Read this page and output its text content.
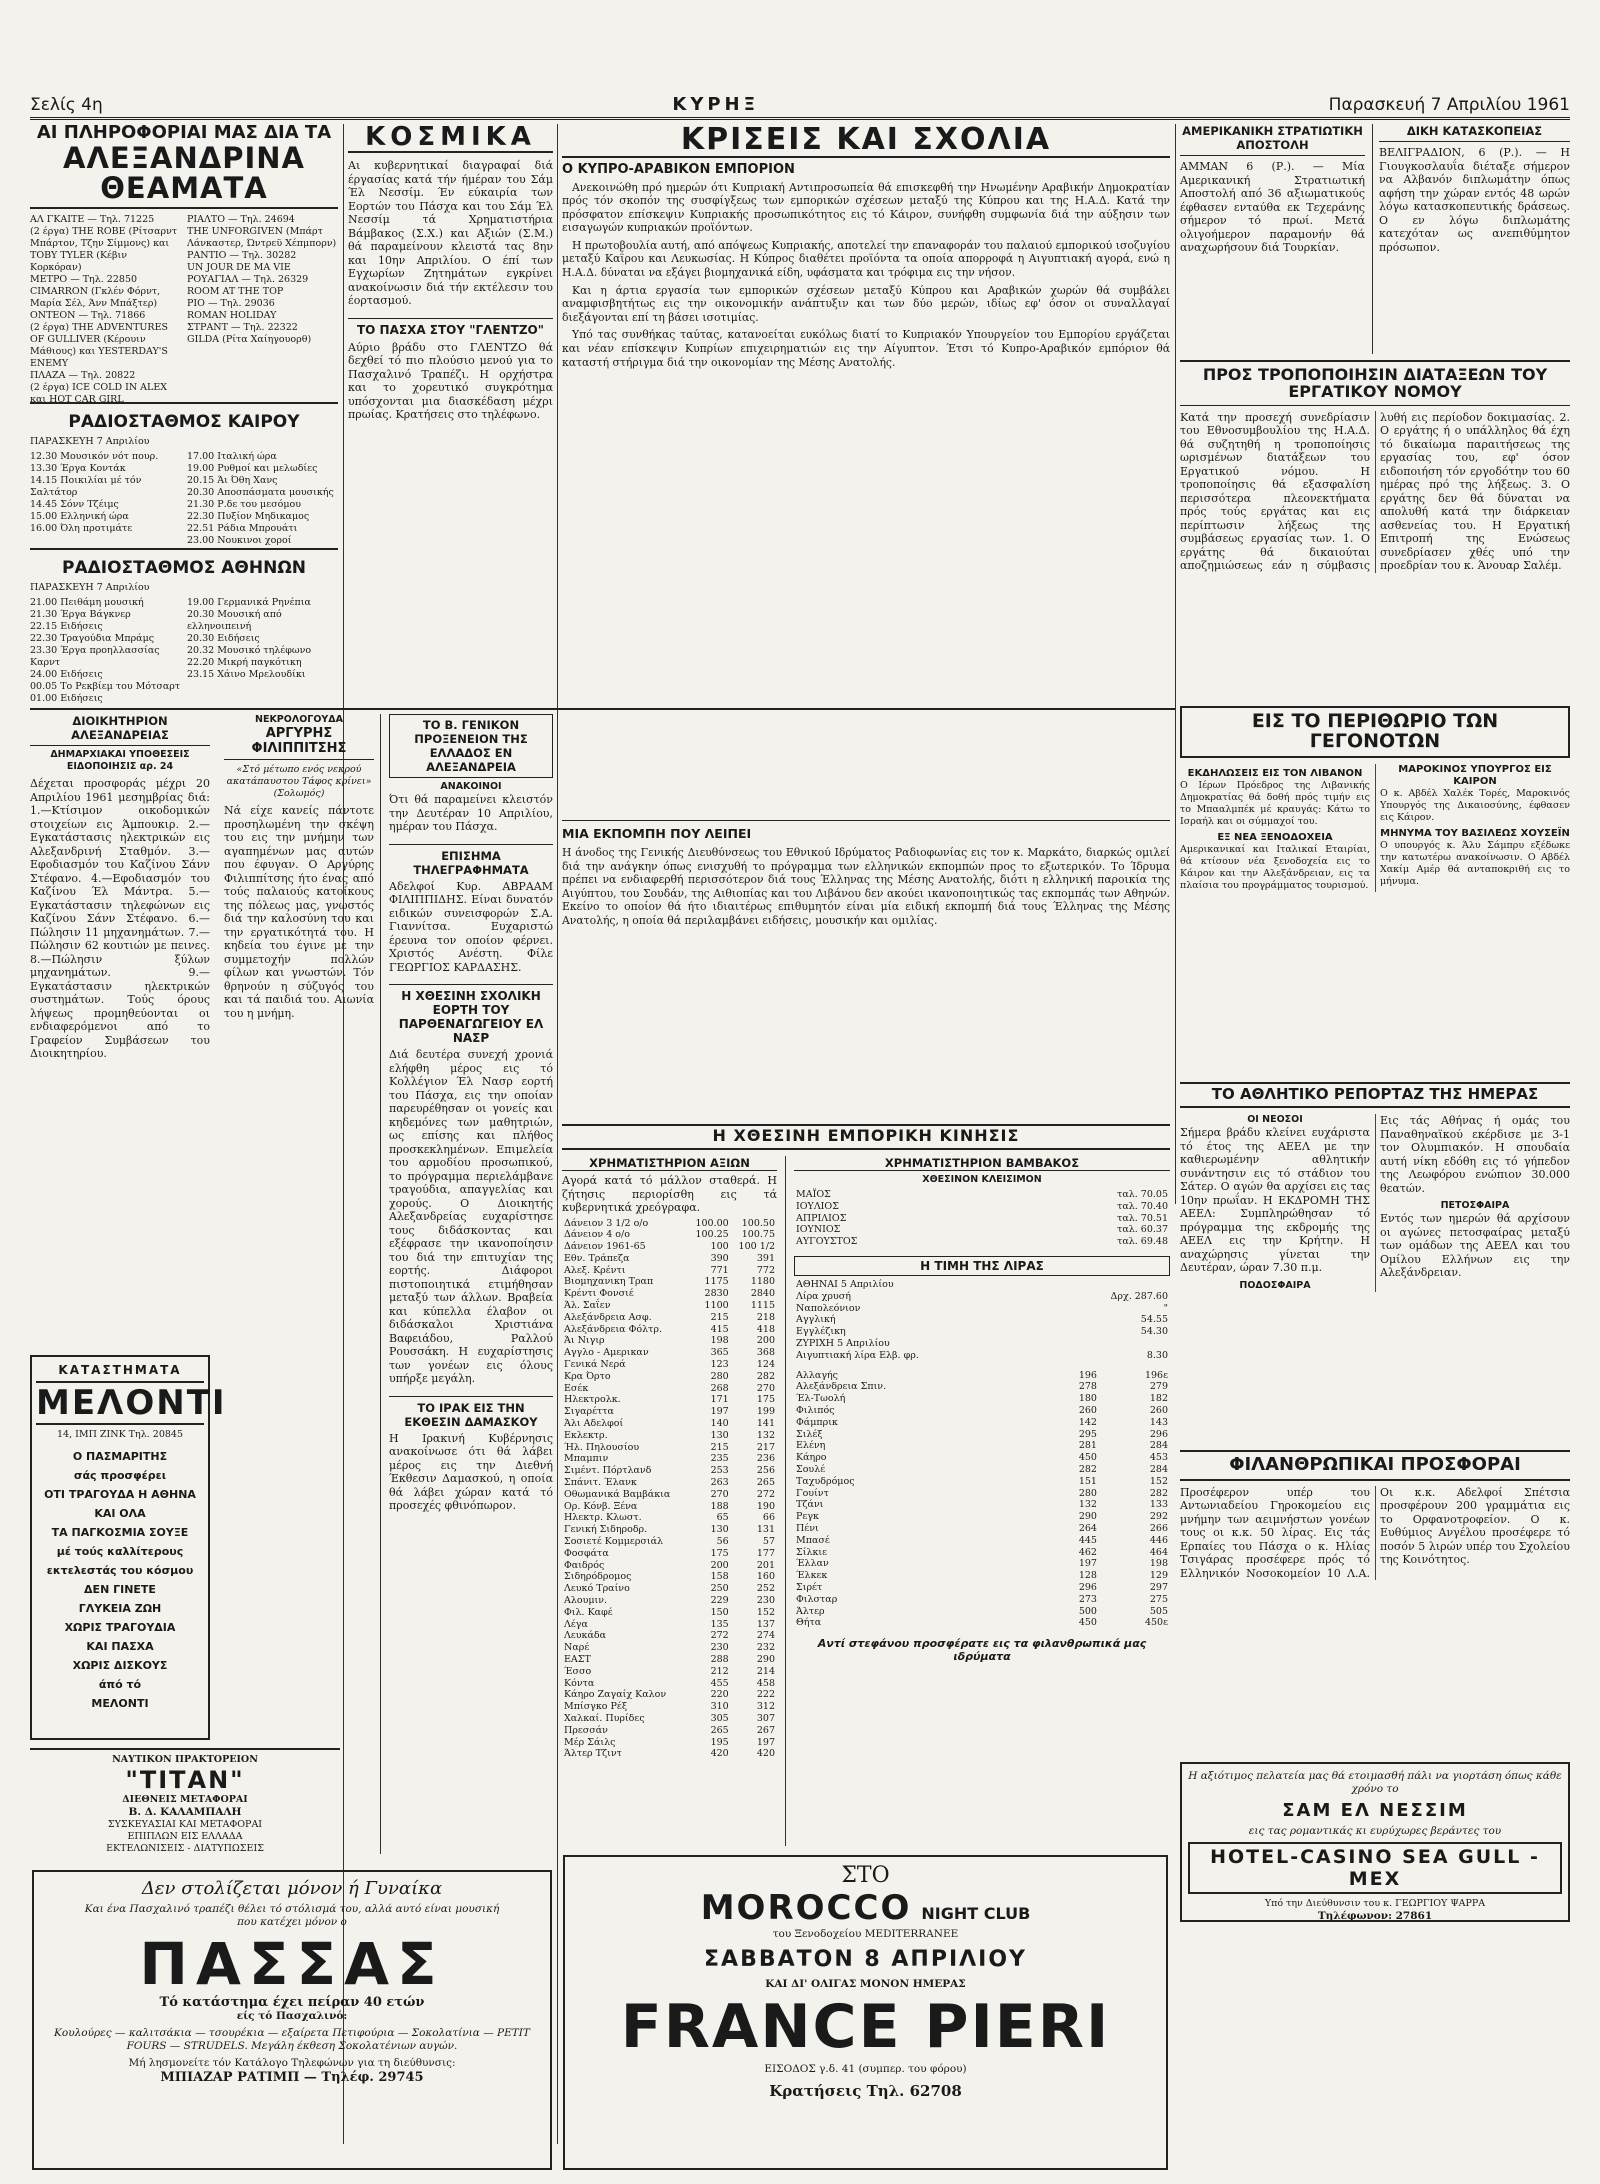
Σελίς 4η	ΚΥΡΗΞ	Παρασκευή 7 Απριλίου 1961
ΑΙ ΠΛΗΡΟΦΟΡΙΑΙ ΜΑΣ ΔΙΑ ΤΑ
ΑΛΕΞΑΝΔΡΙΝΑ ΘΕΑΜΑΤΑ
ΑΛ ΓΚΑΙΤΕ — Τηλ. 71225
(2 έργα) THE ROBE (Ρίτσαρντ Μπάρτον, Τζην Σίμμονς) και TOBY TYLER (Κέβιν Κορκόραν)
ΜΕΤΡΟ — Τηλ. 22850
CIMARRON (Γκλέν Φόρντ, Μαρία Σέλ, Άνν Μπάξτερ)
ΟΝΤΕΟΝ — Τηλ. 71866
(2 έργα) THE ADVENTURES OF GULLIVER (Κέρουιν Μάθιους) και YESTERDAY'S ENEMY
ΠΛΑΖΑ — Τηλ. 20822
(2 έργα) ICE COLD IN ALEX και HOT CAR GIRL
ΡΙΑΛΤΟ — Τηλ. 24694
THE UNFORGIVEN (Μπάρτ Λάνκαστερ, Ώντρεϋ Χέπμπορν)
ΡΑΝΤΙΟ — Τηλ. 30282
UN JOUR DE MA VIE
ΡΟΥΑΓΙΑΛ — Τηλ. 26329
ROOM AT THE TOP
ΡΙΟ — Τηλ. 29036
ROMAN HOLIDAY
ΣΤΡΑΝΤ — Τηλ. 22322
GILDA (Ρίτα Χαίηγουορθ)
ΡΑΔΙΟΣΤΑΘΜΟΣ ΚΑΙΡΟΥ
ΠΑΡΑΣΚΕΥΗ 7 Απριλίου
12.30 Μουσικόν νότ πουρ.
13.30 Έργα Κοντάκ
14.15 Ποικιλίαι μέ τόν Σαλτάτορ
14.45 Σόνν Τζέιμς
15.00 Ελληνική ώρα
16.00 Όλη προτιμάτε
17.00 Ιταλική ώρα
19.00 Ρυθμοί και μελωδίες
20.15 Άι Όθη Χανς
20.30 Αποσπάσματα μουσικής
21.30 Ρ.δε του μεσόμου
22.30 Πυξίον Μηδικαμος
22.51 Ράδια Μπρουάτι
23.00 Νουκινοι χοροί
ΡΑΔΙΟΣΤΑΘΜΟΣ ΑΘΗΝΩΝ
ΠΑΡΑΣΚΕΥΗ 7 Απριλίου
21.00 Πειθάμη μουσική
21.30 Έργα Βάγκνερ
22.15 Ειδήσεις
22.30 Τραγούδια Μπράμς
23.30 Έργα προηλλασσίας Καρντ
24.00 Ειδήσεις
00.05 Το Ρεκβίεμ του Μότσαρτ
01.00 Ειδήσεις
19.00 Γερμανικά Ρηνέπια
20.30 Μουσική από ελληνοιπεινή
20.30 Ειδήσεις
20.32 Μουσικό τηλέφωνο
22.20 Μικρή παγκότικη
23.15 Χάινο Μρελουδίκι
ΔΙΟΙΚΗΤΗΡΙΟΝ ΑΛΕΞΑΝΔΡΕΙΑΣ
ΔΗΜΑΡΧΙΑΚΑΙ ΥΠΟΘΕΣΕΙΣ
ΕΙΔΟΠΟΙΗΣΙΣ αρ. 24
Δέχεται προσφοράς μέχρι 20 Απριλίου 1961 μεσημβρίας διά: 1.—Κτίσιμον οικοδομικών στοιχείων εις Άμπουκιρ. 2.—Εγκατάστασις ηλεκτρικών εις Αλεξανδρινή Σταθμόν. 3.—Εφοδιασμόν του Καζίνου Σάνν Στέφανο. 4.—Εφοδιασμόν του Καζίνου Έλ Μάντρα. 5.—Εγκατάστασιν τηλεφώνων εις Καζίνου Σάνν Στέφανο. 6.—Πώλησιν 11 μηχανημάτων. 7.—Πώλησιν 62 κουτιών με πεινες. 8.—Πώλησιν ξύλων μηχανημάτων. 9.—Εγκατάστασιν ηλεκτρικών συστημάτων. Τούς όρους λήψεως προμηθεύονται οι ενδιαφερόμενοι από το Γραφείον Συμβάσεων του Διοικητηρίου.
ΚΑΤΑΣΤΗΜΑΤΑ
ΜΕΛΟΝΤΙ
14, ΙΜΠ ΖΙΝΚ Τηλ. 20845
Ο ΠΑΣΜΑΡΙΤΗΣ
σάς προσφέρει
ΟΤΙ ΤΡΑΓΟΥΔΑ Η ΑΘΗΝΑ
ΚΑΙ ΟΛΑ
ΤΑ ΠΑΓΚΟΣΜΙΑ ΣΟΥΞΕ
μέ τούς καλλίτερους
εκτελεστάς του κόσμου
ΔΕΝ ΓΙΝΕΤΕ
ΓΛΥΚΕΙΑ ΖΩΗ
ΧΩΡΙΣ ΤΡΑΓΟΥΔΙΑ
ΚΑΙ ΠΑΣΧΑ
ΧΩΡΙΣ ΔΙΣΚΟΥΣ
άπό τό
ΜΕΛΟΝΤΙ
ΝΑΥΤΙΚΟΝ ΠΡΑΚΤΟΡΕΙΟΝ
"ΤΙΤΑΝ"
ΔΙΕΘΝΕΙΣ ΜΕΤΑΦΟΡΑΙ
Β. Δ. ΚΑΛΑΜΠΑΛΗ
ΣΥΣΚΕΥΑΣΙΑΙ ΚΑΙ ΜΕΤΑΦΟΡΑΙ
ΕΠΙΠΛΩΝ ΕΙΣ ΕΛΛΑΔΑ
ΕΚΤΕΛΩΝΙΣΕΙΣ - ΔΙΑΤΥΠΩΣΕΙΣ
Δεν στολίζεται μόνον ή Γυναίκα
Και ένα Πασχαλινό τραπέζι θέλει τό στόλισμά του, αλλά αυτό είναι μουσική που κατέχει μόνον ο
ΠΑΣΣΑΣ
Τό κατάστημα έχει πείραν 40 ετών
είς τό Πασχαλινό:
Κουλούρες — καλιτσάκια — τσουρέκια — εξαίρετα Πετιφούρια — Σοκολατίνια — PETIT FOURS — STRUDELS. Μεγάλη έκθεση Σοκολατένιων αυγών.
Μή λησμονείτε τόν Κατάλογο Τηλεφώνων για τη διεύθυνσις:
ΜΠΙΑΖΑΡ ΡΑΤΙΜΠ — Τηλέφ. 29745
ΚΟΣΜΙΚΑ
Αι κυβερνητικαί διαγραφαί διά έργασίας κατά τήν ήμέραν του Σάμ Έλ Νεσσίμ. Έν εύκαιρία των Εορτών του Πάσχα και του Σάμ Έλ Νεσσίμ τά Χρηματιστήρια Βάμβακος (Σ.Χ.) και Αξιών (Σ.Μ.) θά παραμείνουν κλειστά τας 8ην και 10ην Απριλίου. Ο έπί των Εγχωρίων Ζητημάτων εγκρίνει ανακοίνωσιν διά τήν εκτέλεσιν του έορτασμού.
ΤΟ ΠΑΣΧΑ ΣΤΟΥ "ΓΛΕΝΤΖΟ"
Αύριο βράδυ στο ΓΛΕΝΤΖΟ θά δεχθεί τό πιο πλούσιο μενού για το Πασχαλινό Τραπέζι. Η ορχήστρα και το χορευτικό συγκρότημα υπόσχονται μια διασκέδαση μέχρι πρωίας. Κρατήσεις στο τηλέφωνο.
ΝΕΚΡΟΛΟΓΟΥΔΑ
ΑΡΓΥΡΗΣ ΦΙΛΙΠΠΙΤΣΗΣ
«Στό μέτωπο ενός νεκρού ακατάπαυστου Τάφος κρίνει» (Σολωμός)
Νά είχε κανείς πάντοτε προσηλωμένη την σκέψη του εις την μνήμην των αγαπημένων μας αυτών που έφυγαν. Ο Αργύρης Φιλιππίτσης ήτο ένας από τούς παλαιούς κατοίκους της πόλεως μας, γνωστός διά την καλοσύνη του και την εργατικότητά του. Η κηδεία του έγινε με την συμμετοχήν πολλών φίλων και γνωστών. Τόν θρηνούν η σύζυγός του και τά παιδιά του. Αιωνία του η μνήμη.
ΤΟ Β. ΓΕΝΙΚΟΝ ΠΡΟΞΕΝΕΙΟΝ ΤΗΣ ΕΛΛΑΔΟΣ ΕΝ ΑΛΕΞΑΝΔΡΕΙΑ
ΑΝΑΚΟΙΝΟΙ
Ότι θά παραμείνει κλειστόν την Δευτέραν 10 Απριλίου, ημέραν του Πάσχα.
ΕΠΙΣΗΜΑ ΤΗΛΕΓΡΑΦΗΜΑΤΑ
Αδελφοί Κυρ. ΑΒΡΑΑΜ ΦΙΛΙΠΠΙΔΗΣ. Είναι δυνατόν ειδικών συνεισφορών Σ.Α. Γιαννίτσα. Ευχαριστώ έρευνα τον οποίον φέρνει. Χριστός Ανέστη. Φίλε ΓΕΩΡΓΙΟΣ ΚΑΡΔΑΣΗΣ.
Η ΧΘΕΣΙΝΗ ΣΧΟΛΙΚΗ ΕΟΡΤΗ ΤΟΥ ΠΑΡΘΕΝΑΓΩΓΕΙΟΥ ΕΛ ΝΑΣΡ
Διά δευτέρα συνεχή χρονιά ελήφθη μέρος εις τό Κολλέγιον Έλ Νασρ εορτή του Πάσχα, εις την οποίαν παρευρέθησαν οι γονείς και κηδεμόνες των μαθητριών, ως επίσης και πλήθος προσκεκλημένων. Επιμελεία του αρμοδίου προσωπικού, το πρόγραμμα περιελάμβανε τραγούδια, απαγγελίας και χορούς. Ο Διοικητής Αλεξανδρείας ευχαρίστησε τους διδάσκοντας και εξέφρασε την ικανοποίησιν του διά την επιτυχίαν της εορτής. Διάφοροι πιστοποιητικά ετιμήθησαν μεταξύ των άλλων. Βραβεία και κύπελλα έλαβον οι διδάσκαλοι Χριστιάνα Βαφειάδου, Ραλλού Ρουσσάκη. Η ευχαρίστησις των γονέων εις όλους υπήρξε μεγάλη.
ΤΟ ΙΡΑΚ ΕΙΣ ΤΗΝ ΕΚΘΕΣΙΝ ΔΑΜΑΣΚΟΥ
Η Ιρακινή Κυβέρνησις ανακοίνωσε ότι θά λάβει μέρος εις την Διεθνή Έκθεσιν Δαμασκού, η οποία θά λάβει χώραν κατά τό προσεχές φθινόπωρον.
ΚΡΙΣΕΙΣ ΚΑΙ ΣΧΟΛΙΑ
Ο ΚΥΠΡΟ-ΑΡΑΒΙΚΟΝ ΕΜΠΟΡΙΟΝ

Ανεκοινώθη πρό ημερών ότι Κυπριακή Αντιπροσωπεία θά επισκεφθή την Ηνωμένην Αραβικήν Δημοκρατίαν πρός τόν σκοπόν της συσφίγξεως των εμπορικών σχέσεων μεταξύ της Κύπρου και της Η.Α.Δ. Κατά την πρόσφατον επίσκεψιν Κυπριακής προσωπικότητος εις τό Κάιρον, συνήφθη συμφωνία διά την αύξησιν των εισαγωγών κυπριακών προϊόντων.

Η πρωτοβουλία αυτή, από απόψεως Κυπριακής, αποτελεί την επαναφοράν του παλαιού εμπορικού ισοζυγίου μεταξύ Καΐρου και Λευκωσίας. Η Κύπρος διαθέτει προϊόντα τα οποία απορροφά η Αιγυπτιακή αγορά, ενώ η Η.Α.Δ. δύναται να εξάγει βιομηχανικά είδη, υφάσματα και τρόφιμα εις την νήσον.

Και η άρτια εργασία των εμπορικών σχέσεων μεταξύ Κύπρου και Αραβικών χωρών θά συμβάλει αναμφισβητήτως εις την οικονομικήν ανάπτυξιν και των δύο μερών, ιδίως εφ' όσον οι συναλλαγαί διεξάγονται επί τη βάσει ισοτιμίας.

Υπό τας συνθήκας ταύτας, κατανοείται ευκόλως διατί το Κυπριακόν Υπουργείον του Εμπορίου εργάζεται και νέαν επίσκεψιν Κυπρίων επιχειρηματιών εις την Αίγυπτον. Έτσι τό Κυπρο-Αραβικόν εμπόριον θά καταστή στήριγμα διά την οικονομίαν της Μέσης Ανατολής.

ΜΙΑ ΕΚΠΟΜΠΗ ΠΟΥ ΛΕΙΠΕΙ
Η άνοδος της Γενικής Διευθύνσεως του Εθνικού Ιδρύματος Ραδιοφωνίας εις τον κ. Μαρκάτο, διαρκώς ομιλεί διά την ανάγκην όπως ενισχυθή το πρόγραμμα των ελληνικών εκπομπών προς το εξωτερικόν. Το Ίδρυμα πρέπει να ενδιαφερθή περισσότερον διά τους Έλληνας της Μέσης Ανατολής, διότι η ελληνική παροικία της Αιγύπτου, του Σουδάν, της Αιθιοπίας και του Λιβάνου δεν ακούει ικανοποιητικώς τας εκπομπάς των Αθηνών. Εκείνο το οποίον θά ήτο ιδιαιτέρως επιθυμητόν είναι μία ειδική εκπομπή διά τους Έλληνας της Μέσης Ανατολής, η οποία θά περιλαμβάνει ειδήσεις, μουσικήν και ομιλίας.
Η ΧΘΕΣΙΝΗ ΕΜΠΟΡΙΚΗ ΚΙΝΗΣΙΣ
ΧΡΗΜΑΤΙΣΤΗΡΙΟΝ ΑΞΙΩΝ
Αγορά κατά τό μάλλον σταθερά. Η ζήτησις περιορίσθη εις τά κυβερνητικά χρεόγραφα.
Δάνειον 3 1/2 ο/ο	100.00	100.50
Δάνειον 4 ο/ο	100.25	100.75
Δάνειον 1961-65	100	100 1/2
Εθν. Τράπεζα	390	391
Αλεξ. Κρέντι	771	772
Βιομηχανικη Τραπ	1175	1180
Κρέντι Φονσιέ	2830	2840
Άλ. Σαΐεν	1100	1115
Αλεξάνδρεια Ασφ.	215	218
Αλεξάνδρεια Φόλτρ.	415	418
Άι Νιγιρ	198	200
Αγγλο - Αμερικαν	365	368
Γενικά Νερά	123	124
Κρα Όρτο	280	282
Εσέκ	268	270
Ηλεκτρολκ.	171	175
Σιγαρέττα	197	199
Άλι Αδελφοί	140	141
Εκλεκτρ.	130	132
Ήλ. Πηλουσίου	215	217
Μπαμπιν	235	236
Σιμέντ. Πόρτλανδ	253	256
Σπάνιτ. Έλανκ	263	265
Οθωμανικά Βαμβάκια	270	272
Ορ. Κόνβ. Ξένα	188	190
Ηλεκτρ. Κλωστ.	65	66
Γενική Σιδηροδρ.	130	131
Σοσιετέ Κομμερσιάλ	56	57
Φοσφάτα	175	177
Φαιδρός	200	201
Σιδηρόδρομος	158	160
Λευκό Τραίνο	250	252
Αλουμιν.	229	230
Φιλ. Καφέ	150	152
Λέγα	135	137
Λευκάδα	272	274
Ναρέ	230	232
ΕΑΣΤ	288	290
Έσσο	212	214
Κόντα	455	458
Κάηρο Ζαγαίχ Καλον	220	222
Μπίσγκο Ρέξ	310	312
Χαλκαί. Πυρίδες	305	307
Πρεσσάν	265	267
Μέρ Σάιλς	195	197
Άλτερ Τζιντ	420	420
ΧΡΗΜΑΤΙΣΤΗΡΙΟΝ ΒΑΜΒΑΚΟΣ
ΧΘΕΣΙΝΟΝ ΚΛΕΙΣΙΜΟΝ
ΜΑΪΟΣ	ταλ. 70.05
ΙΟΥΛΙΟΣ	ταλ. 70.40
ΑΠΡΙΛΙΟΣ	ταλ. 70.51
ΙΟΥΝΙΟΣ	ταλ. 60.37
ΑΥΓΟΥΣΤΟΣ	ταλ. 69.48
Η ΤΙΜΗ ΤΗΣ ΛΙΡΑΣ
ΑΘΗΝΑΙ 5 Απριλίου	
Λίρα χρυσή	Δρχ. 287.60
Ναπολεόνιον	"
Αγγλική	54.55
Εγγλέζικη	54.30
ΖΥΡΙΧΗ 5 Απριλίου	
Αιγυπτιακή λίρα Ελβ. φρ.	8.30
Αλλαγής	196	196ε
Αλεξάνδρεια Σπιν.	278	279
Έλ-Τωολή	180	182
Φιλιπός	260	260
Φάμπρικ	142	143
Σιλέξ	295	296
Ελένη	281	284
Κάηρο	450	453
Σουλέ	282	284
Ταχυδρόμος	151	152
Γουίντ	280	282
Τζάνι	132	133
Ρεγκ	290	292
Πένι	264	266
Μπασέ	445	446
Σίλκιε	462	464
Έλλαν	197	198
Έλκεκ	128	129
Σιρέτ	296	297
Φιλσταρ	273	275
Άλτερ	500	505
Θήτα	450	450ε
Αντί στεφάνου προσφέρατε εις τα φιλανθρωπικά μας ιδρύματα
ΣΤΟ
MOROCCO NIGHT CLUB
του Ξενοδοχείου MEDITERRANEE
ΣΑΒΒΑΤΟΝ 8 ΑΠΡΙΛΙΟΥ
ΚΑΙ ΔΙ' ΟΛΙΓΑΣ ΜΟΝΟΝ ΗΜΕΡΑΣ
FRANCE PIERI
ΕΙΣΟΔΟΣ γ.δ. 41 (συμπερ. του φόρου)
Κρατήσεις Τηλ. 62708
ΑΜΕΡΙΚΑΝΙΚΗ ΣΤΡΑΤΙΩΤΙΚΗ ΑΠΟΣΤΟΛΗ
ΑΜΜΑΝ 6 (Ρ.). — Μία Αμερικανική Στρατιωτική Αποστολή από 36 αξιωματικούς έφθασεν ενταύθα εκ Τεχεράνης σήμερον τό πρωί. Μετά ολιγοήμερον παραμονήν θά αναχωρήσουν διά Τουρκίαν.
ΔΙΚΗ ΚΑΤΑΣΚΟΠΕΙΑΣ
ΒΕΛΙΓΡΑΔΙΟΝ, 6 (Ρ.). — Η Γιουγκοσλαυΐα διέταξε σήμερον να Αλβανόν διπλωμάτην όπως αφήση την χώραν εντός 48 ωρών λόγω κατασκοπευτικής δράσεως. Ο εν λόγω διπλωμάτης κατεχόταν ως ανεπιθύμητον πρόσωπον.
ΠΡΟΣ ΤΡΟΠΟΠΟΙΗΣΙΝ ΔΙΑΤΑΞΕΩΝ ΤΟΥ ΕΡΓΑΤΙΚΟΥ ΝΟΜΟΥ
Κατά την προσεχή συνεδρίασιν του Εθνοσυμβουλίου της Η.Α.Δ. θά συζητηθή η τροποποίησις ωρισμένων διατάξεων του Εργατικού νόμου. Η τροποποίησις θά εξασφαλίση περισσότερα πλεονεκτήματα πρός τούς εργάτας και εις περίπτωσιν λήξεως της συμβάσεως εργασίας των. 1. Ο εργάτης θά δικαιούται αποζημιώσεως εάν η σύμβασις λυθή εις περίοδον δοκιμασίας. 2. Ο εργάτης ή ο υπάλληλος θά έχη τό δικαίωμα παραιτήσεως της εργασίας του, εφ' όσον ειδοποιήση τόν εργοδότην του 60 ημέρας πρό της λήξεως. 3. Ο εργάτης δεν θά δύναται να απολυθή κατά την διάρκειαν ασθενείας του. Η Εργατική Επιτροπή της Ενώσεως συνεδρίασεν χθές υπό την προεδρίαν του κ. Άνουαρ Σαλέμ.
ΕΙΣ ΤΟ ΠΕΡΙΘΩΡΙΟ ΤΩΝ ΓΕΓΟΝΟΤΩΝ
ΕΚΔΗΛΩΣΕΙΣ ΕΙΣ ΤΟΝ ΛΙΒΑΝΟΝ
Ο Ιέρων Πρόεδρος της Λιβανικής Δημοκρατίας θά δοθή πρός τιμήν εις το Μπααλμπέκ μέ κραυγάς: Κάτω το Ισραήλ και οι σύμμαχοί του.
ΕΞ ΝΕΑ ΞΕΝΟΔΟΧΕΙΑ
Αμερικανικαί και Ιταλικαί Εταιρίαι, θά κτίσουν νέα ξενοδοχεία εις το Κάιρον και την Αλεξάνδρειαν, εις τα πλαίσια του προγράμματος τουρισμού.
ΜΑΡΟΚΙΝΟΣ ΥΠΟΥΡΓΟΣ ΕΙΣ ΚΑΙΡΟΝ
Ο κ. Αβδέλ Χαλέκ Τορές, Μαροκινός Υπουργός της Δικαιοσύνης, έφθασεν εις Κάιρον.
ΜΗΝΥΜΑ ΤΟΥ ΒΑΣΙΛΕΩΣ ΧΟΥΣΕΪΝ
Ο υπουργός κ. Άλυ Σάμπρυ εξέδωκε την κατωτέρω ανακοίνωσιν. Ο Αβδέλ Χακίμ Αμέρ θά ανταποκριθή εις το μήνυμα.
ΤΟ ΑΘΛΗΤΙΚΟ ΡΕΠΟΡΤΑΖ ΤΗΣ ΗΜΕΡΑΣ
ΟΙ ΝΕΟΣΟΙ
Σήμερα βράδυ κλείνει ευχάριστα τό έτος της ΑΕΕΛ με την καθιερωμένην αθλητικήν συνάντησιν εις τό στάδιον του Σάτερ. Ο αγών θα αρχίσει εις τας 10ην πρωΐαν. Η ΕΚΔΡΟΜΗ ΤΗΣ ΑΕΕΛ: Συμπληρώθησαν τό πρόγραμμα της εκδρομής της ΑΕΕΛ εις την Κρήτην. Η αναχώρησις γίνεται την Δευτέραν, ώραν 7.30 π.μ.
ΠΟΔΟΣΦΑΙΡΑ
Εις τάς Αθήνας ή ομάς του Παναθηναϊκού εκέρδισε με 3-1 τον Ολυμπιακόν. Η σπουδαία αυτή νίκη εδόθη εις τό γήπεδον της Λεωφόρου ενώπιον 30.000 θεατών.
ΠΕΤΟΣΦΑΙΡΑ
Εντός των ημερών θά αρχίσουν οι αγώνες πετοσφαίρας μεταξύ των ομάδων της ΑΕΕΛ και του Ομίλου Ελλήνων εις την Αλεξάνδρειαν.
ΦΙΛΑΝΘΡΩΠΙΚΑΙ ΠΡΟΣΦΟΡΑΙ
Προσέφερον υπέρ του Αντωνιαδείου Γηροκομείου εις μνήμην των αειμνήστων γονέων τους οι κ.κ. 50 λίρας. Εις τάς Ερπαίες του Πάσχα ο κ. Ηλίας Τσιγάρας προσέφερε πρός τό Ελληνικόν Νοσοκομείον 10 Λ.Α. Οι κ.κ. Αδελφοί Σπέτσια προσφέρουν 200 γραμμάτια εις το Ορφανοτροφείον. Ο κ. Ευθύμιος Ανγέλου προσέφερε τό ποσόν 5 λιρών υπέρ του Σχολείου της Κοινότητος.
Η αξιότιμος πελατεία μας θά ετοιμασθή πάλι να γιορτάση όπως κάθε χρόνο το
ΣΑΜ ΕΛ ΝΕΣΣΙΜ
εις τας ρομαντικάς κι ευρύχωρες βεράντες του
HOTEL-CASINO SEA GULL - MEX
Υπό την Διεύθυνσιν του κ. ΓΕΩΡΓΙΟΥ ΨΑΡΡΑ
Τηλέφωνον: 27861
